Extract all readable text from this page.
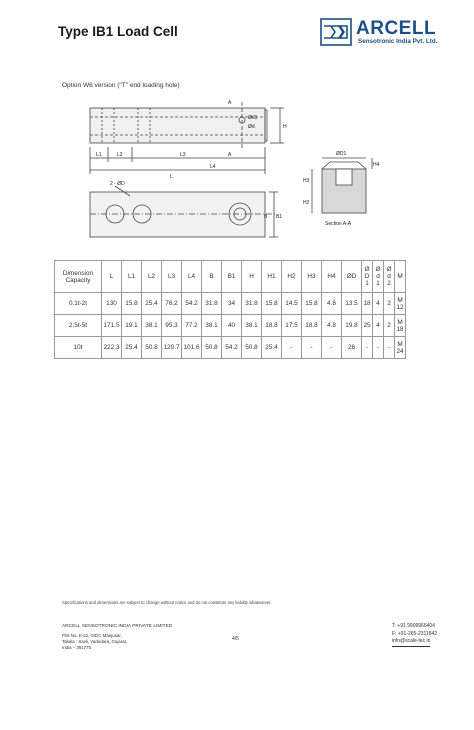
Type IB1 Load Cell	ARCELL
Sensotronic India Pvt. Ltd.
Option W6 version ("T" end loading hole)
A
A
Ød1
Ød
L1	L2	L3
L4
L
H
B B1
2 - ØD
ØD1
H4
H3
H2
Section A-A
Dimension Capacity	L	L1	L2	L3	L4	B	B1	H	H1	H2	H3	H4	ØD	Ø D 1	Ø d 1	Ø d 2	M
0.1t-2t	130	15.8	25.4	76.2	54.2	31.8	34	31.8	15.8	14.5	15.8	4.8	13.5	18	4	2	M 12
2.5t-5t	171.5	19.1	38.1	95.3	77.2	38.1	40	38.1	18.8	17.5	18.8	4.8	19.8	25	4	2	M 18
10t	222.3	25.4	50.8	120.7	101.6	50.8	54.2	50.8	25.4	-	-	-	26	-	-	-	M 24
Specifications and dimensions are subject to change without notice and do not constitute any liability whatsoever.
ARCELL SENSOTRONIC INDIA PRIVATE LIMITED
Plot No. E-22, GIDC Manjusar,
Taluka : Savli, Vadodara, Gujarat,
India – 391775
4/5
T: +91 9909966404
F: +91-265-2311842
info@scale-tec.in
